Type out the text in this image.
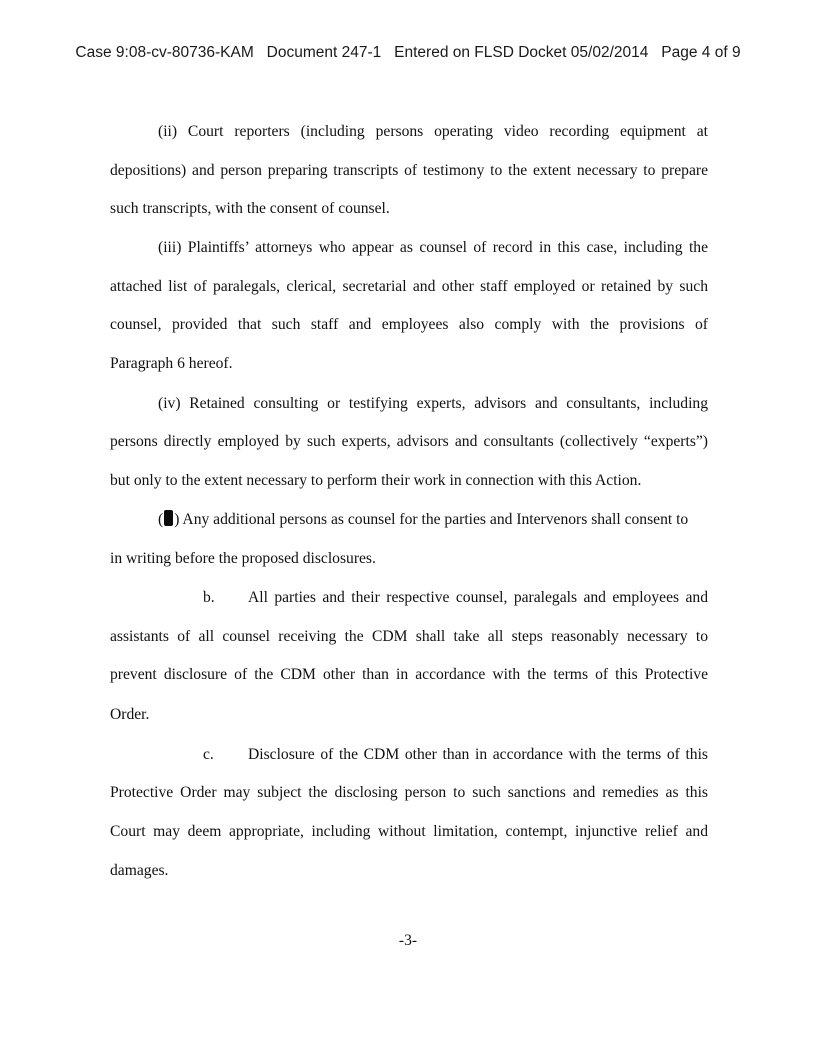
Case 9:08-cv-80736-KAM   Document 247-1   Entered on FLSD Docket 05/02/2014   Page 4 of 9
(ii) Court reporters (including persons operating video recording equipment at
depositions) and person preparing transcripts of testimony to the extent necessary to prepare
such transcripts, with the consent of counsel.
(iii) Plaintiffs’ attorneys who appear as counsel of record in this case, including the
attached list of paralegals, clerical, secretarial and other staff employed or retained by such
counsel, provided that such staff and employees also comply with the provisions of
Paragraph 6 hereof.
(iv) Retained consulting or testifying experts, advisors and consultants, including
persons directly employed by such experts, advisors and consultants (collectively “experts”)
but only to the extent necessary to perform their work in connection with this Action.
( ) Any additional persons as counsel for the parties and Intervenors shall consent to
in writing before the proposed disclosures.
b.	All parties and their respective counsel, paralegals and employees and
assistants of all counsel receiving the CDM shall take all steps reasonably necessary to
prevent disclosure of the CDM other than in accordance with the terms of this Protective
Order.
c.	Disclosure of the CDM other than in accordance with the terms of this
Protective Order may subject the disclosing person to such sanctions and remedies as this
Court may deem appropriate, including without limitation, contempt, injunctive relief and
damages.
-3-
